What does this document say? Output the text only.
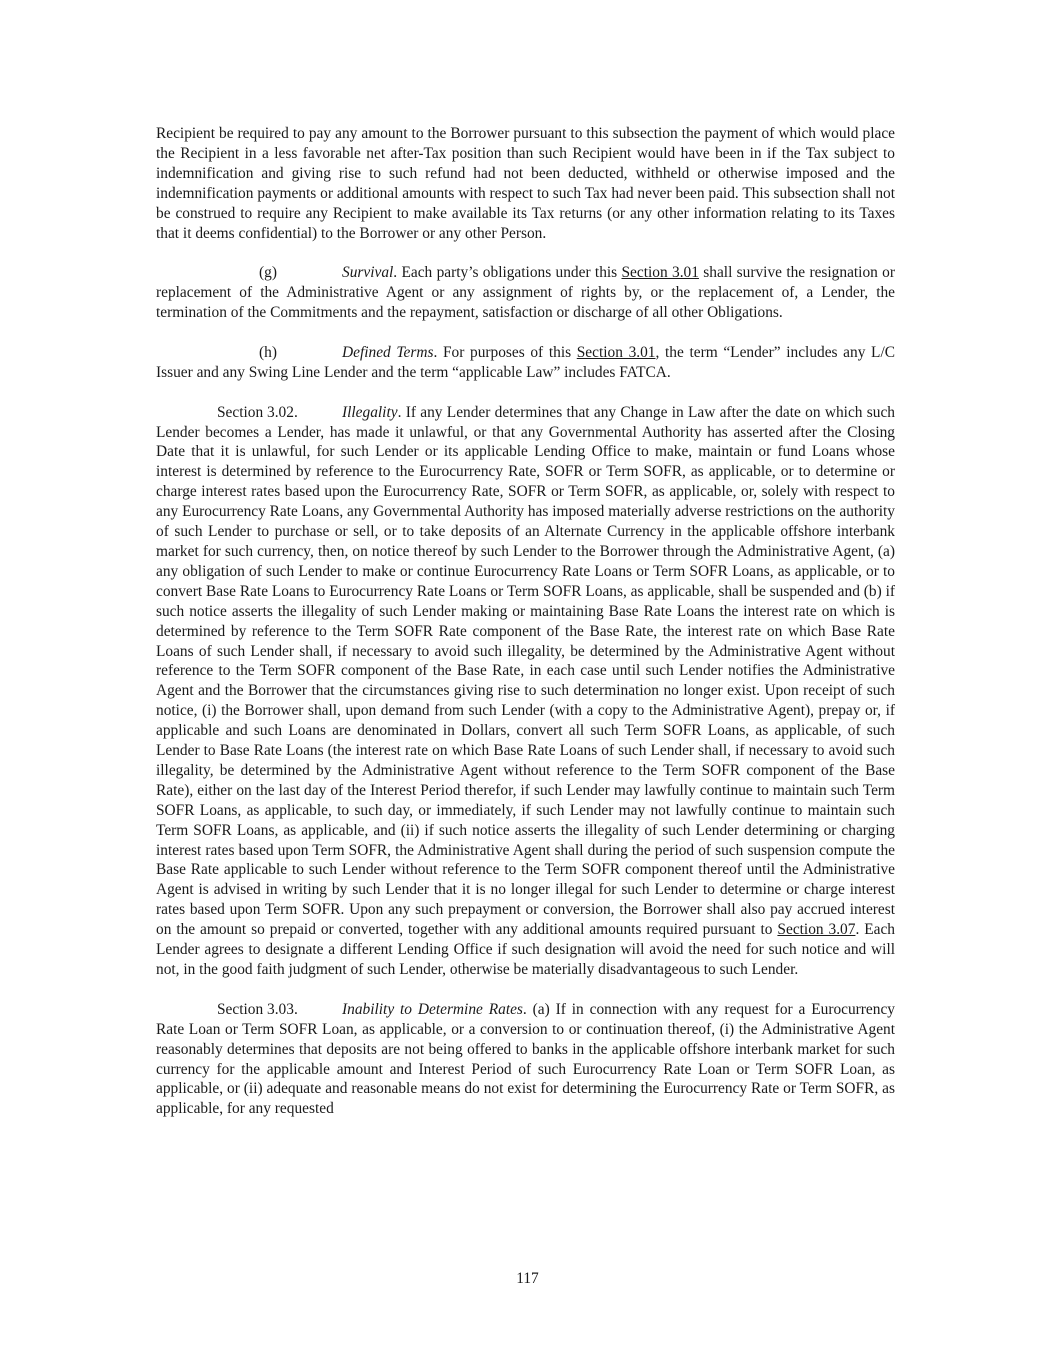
Recipient be required to pay any amount to the Borrower pursuant to this subsection the payment of which would place the Recipient in a less favorable net after-Tax position than such Recipient would have been in if the Tax subject to indemnification and giving rise to such refund had not been deducted, withheld or otherwise imposed and the indemnification payments or additional amounts with respect to such Tax had never been paid. This subsection shall not be construed to require any Recipient to make available its Tax returns (or any other information relating to its Taxes that it deems confidential) to the Borrower or any other Person.

(g)	Survival. Each party’s obligations under this Section 3.01 shall survive the resignation or replacement of the Administrative Agent or any assignment of rights by, or the replacement of, a Lender, the termination of the Commitments and the repayment, satisfaction or discharge of all other Obligations.

(h)	Defined Terms. For purposes of this Section 3.01, the term “Lender” includes any L/C Issuer and any Swing Line Lender and the term “applicable Law” includes FATCA.

Section 3.02.	Illegality. If any Lender determines that any Change in Law after the date on which such Lender becomes a Lender, has made it unlawful, or that any Governmental Authority has asserted after the Closing Date that it is unlawful, for such Lender or its applicable Lending Office to make, maintain or fund Loans whose interest is determined by reference to the Eurocurrency Rate, SOFR or Term SOFR, as applicable, or to determine or charge interest rates based upon the Eurocurrency Rate, SOFR or Term SOFR, as applicable, or, solely with respect to any Eurocurrency Rate Loans, any Governmental Authority has imposed materially adverse restrictions on the authority of such Lender to purchase or sell, or to take deposits of an Alternate Currency in the applicable offshore interbank market for such currency, then, on notice thereof by such Lender to the Borrower through the Administrative Agent, (a) any obligation of such Lender to make or continue Eurocurrency Rate Loans or Term SOFR Loans, as applicable, or to convert Base Rate Loans to Eurocurrency Rate Loans or Term SOFR Loans, as applicable, shall be suspended and (b) if such notice asserts the illegality of such Lender making or maintaining Base Rate Loans the interest rate on which is determined by reference to the Term SOFR Rate component of the Base Rate, the interest rate on which Base Rate Loans of such Lender shall, if necessary to avoid such illegality, be determined by the Administrative Agent without reference to the Term SOFR component of the Base Rate, in each case until such Lender notifies the Administrative Agent and the Borrower that the circumstances giving rise to such determination no longer exist. Upon receipt of such notice, (i) the Borrower shall, upon demand from such Lender (with a copy to the Administrative Agent), prepay or, if applicable and such Loans are denominated in Dollars, convert all such Term SOFR Loans, as applicable, of such Lender to Base Rate Loans (the interest rate on which Base Rate Loans of such Lender shall, if necessary to avoid such illegality, be determined by the Administrative Agent without reference to the Term SOFR component of the Base Rate), either on the last day of the Interest Period therefor, if such Lender may lawfully continue to maintain such Term SOFR Loans, as applicable, to such day, or immediately, if such Lender may not lawfully continue to maintain such Term SOFR Loans, as applicable, and (ii) if such notice asserts the illegality of such Lender determining or charging interest rates based upon Term SOFR, the Administrative Agent shall during the period of such suspension compute the Base Rate applicable to such Lender without reference to the Term SOFR component thereof until the Administrative Agent is advised in writing by such Lender that it is no longer illegal for such Lender to determine or charge interest rates based upon Term SOFR. Upon any such prepayment or conversion, the Borrower shall also pay accrued interest on the amount so prepaid or converted, together with any additional amounts required pursuant to Section 3.07. Each Lender agrees to designate a different Lending Office if such designation will avoid the need for such notice and will not, in the good faith judgment of such Lender, otherwise be materially disadvantageous to such Lender.

Section 3.03.	Inability to Determine Rates. (a) If in connection with any request for a Eurocurrency Rate Loan or Term SOFR Loan, as applicable, or a conversion to or continuation thereof, (i) the Administrative Agent reasonably determines that deposits are not being offered to banks in the applicable offshore interbank market for such currency for the applicable amount and Interest Period of such Eurocurrency Rate Loan or Term SOFR Loan, as applicable, or (ii) adequate and reasonable means do not exist for determining the Eurocurrency Rate or Term SOFR, as applicable, for any requested

117
